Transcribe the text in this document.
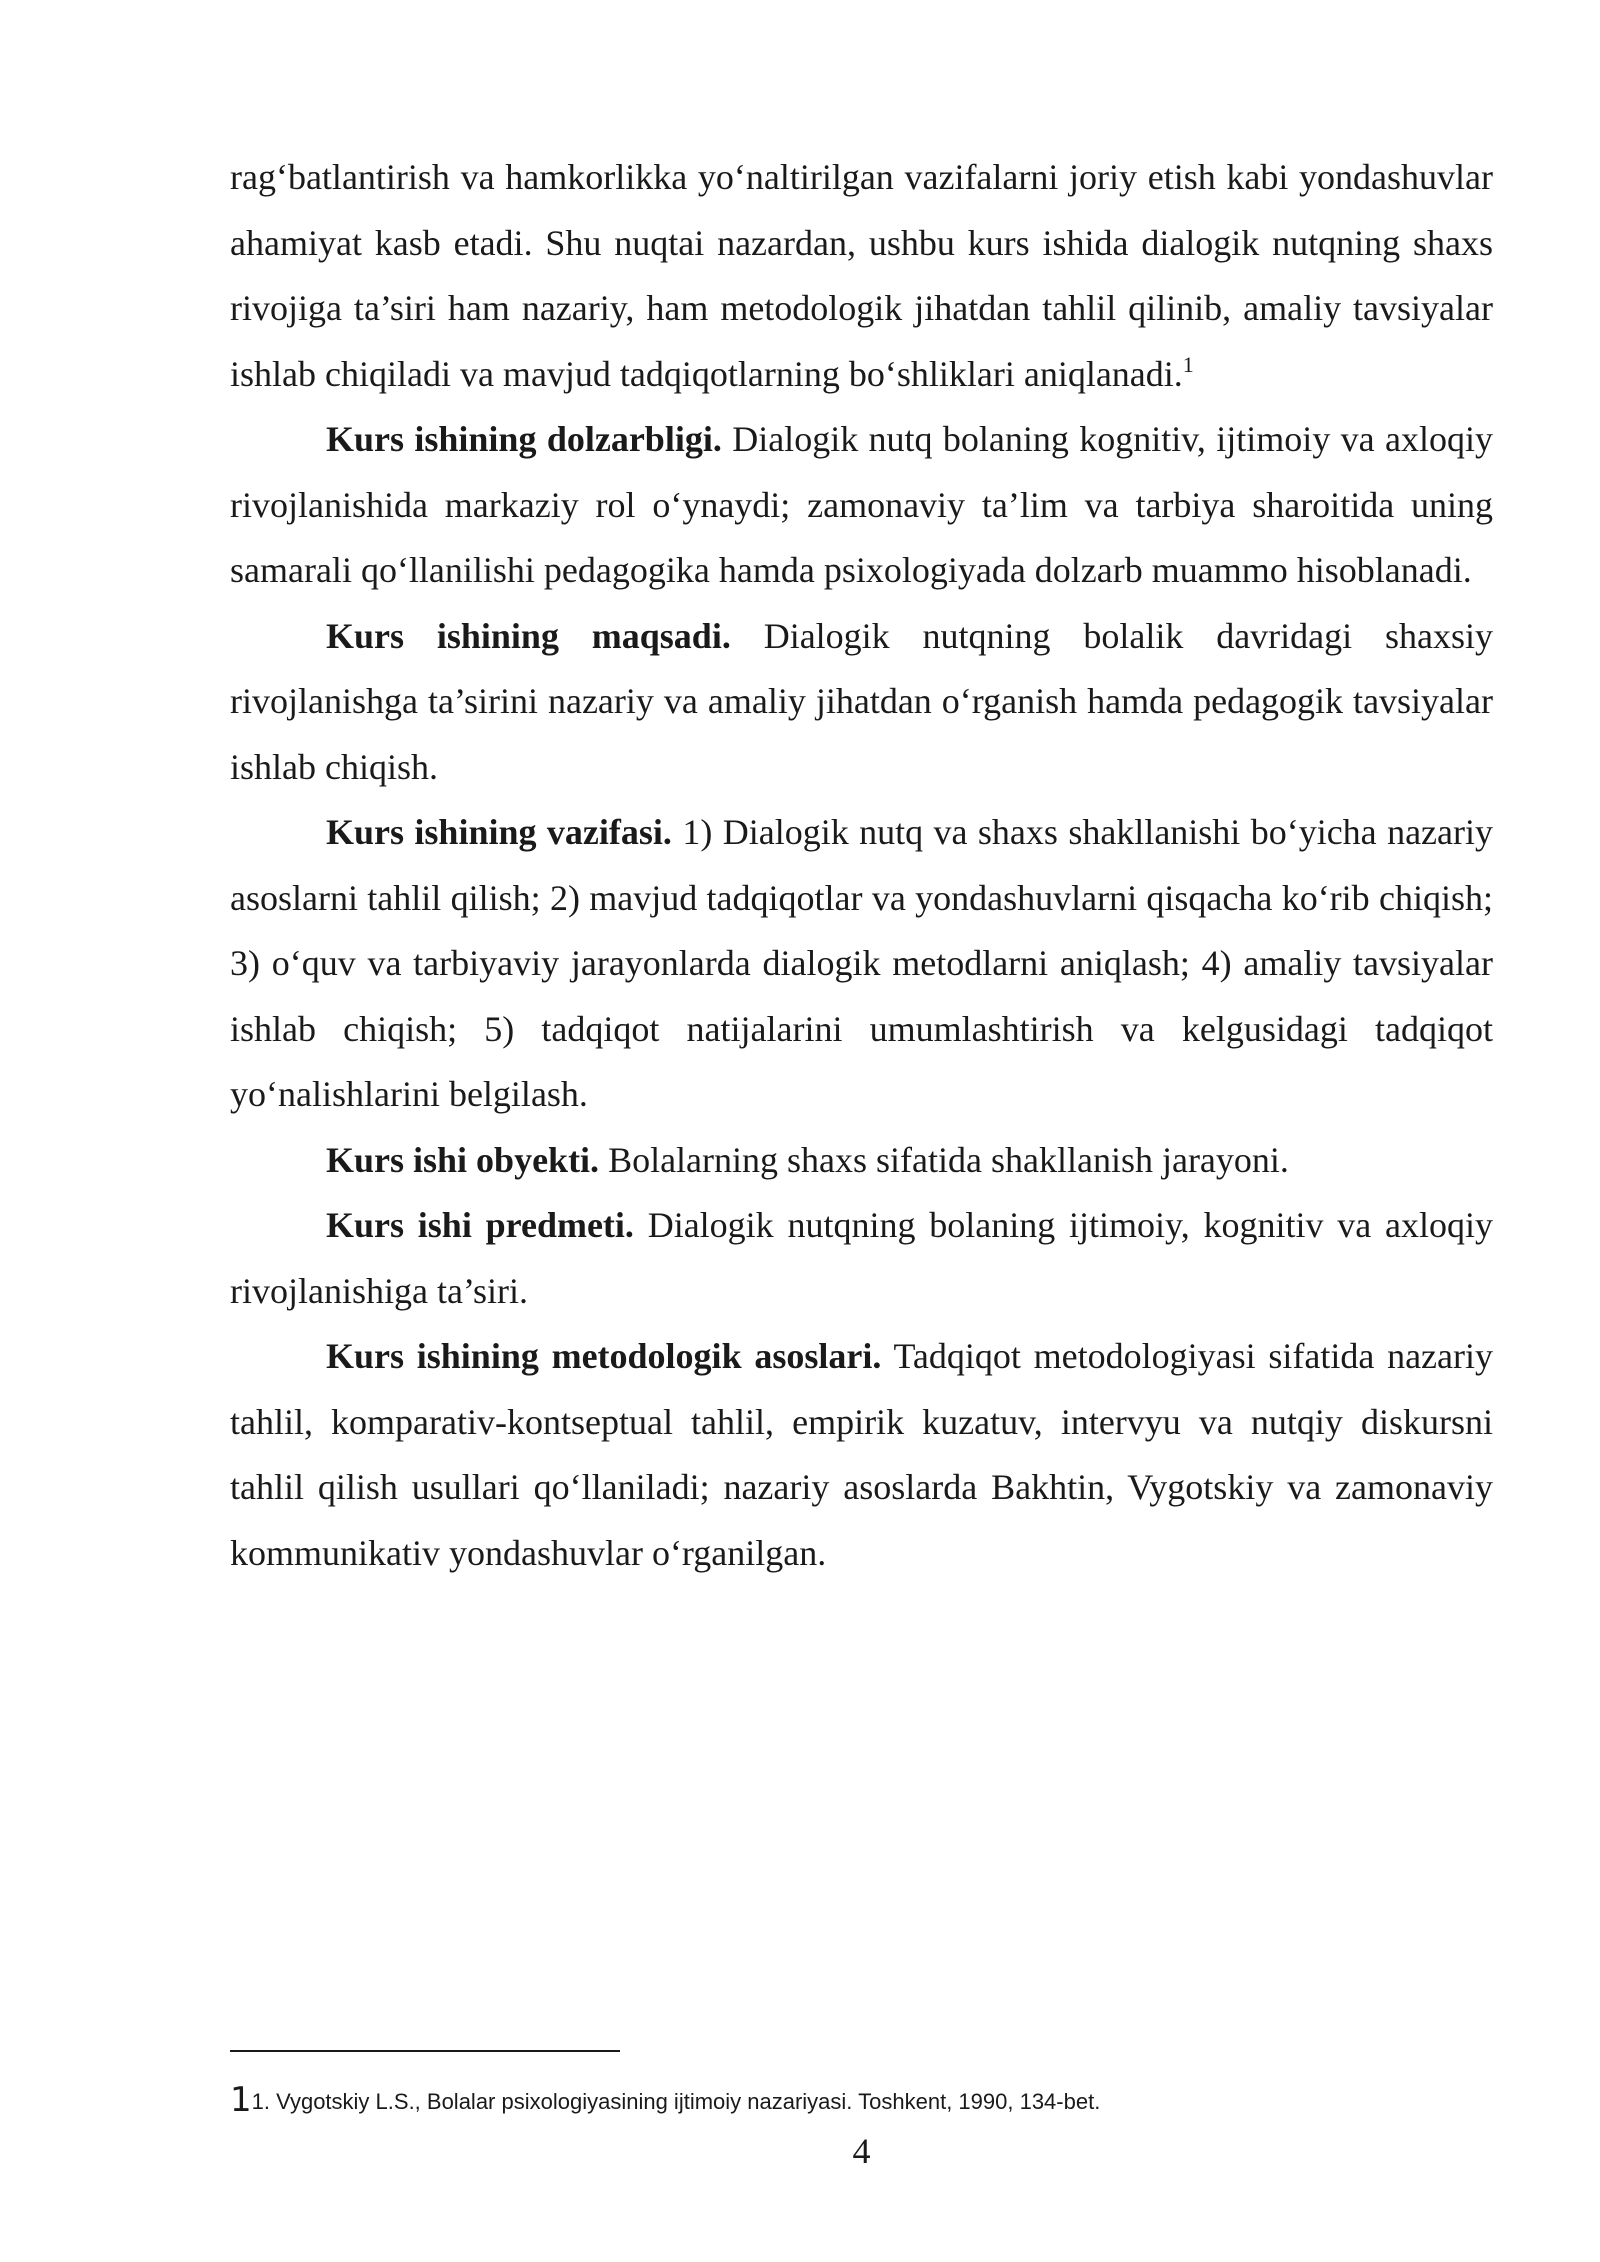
rag‘batlantirish va hamkorlikka yo‘naltirilgan vazifalarni joriy etish kabi yondashuvlar ahamiyat kasb etadi. Shu nuqtai nazardan, ushbu kurs ishida dialogik nutqning shaxs rivojiga ta’siri ham nazariy, ham metodologik jihatdan tahlil qilinib, amaliy tavsiyalar ishlab chiqiladi va mavjud tadqiqotlarning bo‘shliklari aniqlanadi.$^1$

Kurs ishining dolzarbligi. Dialogik nutq bolaning kognitiv, ijtimoiy va axloqiy rivojlanishida markaziy rol o‘ynaydi; zamonaviy ta’lim va tarbiya sharoitida uning samarali qo‘llanilishi pedagogika hamda psixologiyada dolzarb muammo hisoblanadi.

Kurs ishining maqsadi. Dialogik nutqning bolalik davridagi shaxsiy rivojlanishga ta’sirini nazariy va amaliy jihatdan o‘rganish hamda pedagogik tavsiyalar ishlab chiqish.

Kurs ishining vazifasi. 1) Dialogik nutq va shaxs shakllanishi bo‘yicha nazariy asoslarni tahlil qilish; 2) mavjud tadqiqotlar va yondashuvlarni qisqacha ko‘rib chiqish; 3) o‘quv va tarbiyaviy jarayonlarda dialogik metodlarni aniqlash; 4) amaliy tavsiyalar ishlab chiqish; 5) tadqiqot natijalarini umumlashtirish va kelgusidagi tadqiqot yo‘nalishlarini belgilash.

Kurs ishi obyekti. Bolalarning shaxs sifatida shakllanish jarayoni.

Kurs ishi predmeti. Dialogik nutqning bolaning ijtimoiy, kognitiv va axloqiy rivojlanishiga ta’siri.

Kurs ishining metodologik asoslari. Tadqiqot metodologiyasi sifatida nazariy tahlil, komparativ-kontseptual tahlil, empirik kuzatuv, intervyu va nutqiy diskursni tahlil qilish usullari qo‘llaniladi; nazariy asoslarda Bakhtin, Vygotskiy va zamonaviy kommunikativ yondashuvlar o‘rganilgan.

11. Vygotskiy L.S., Bolalar psixologiyasining ijtimoiy nazariyasi. Toshkent, 1990, 134-bet.
4
